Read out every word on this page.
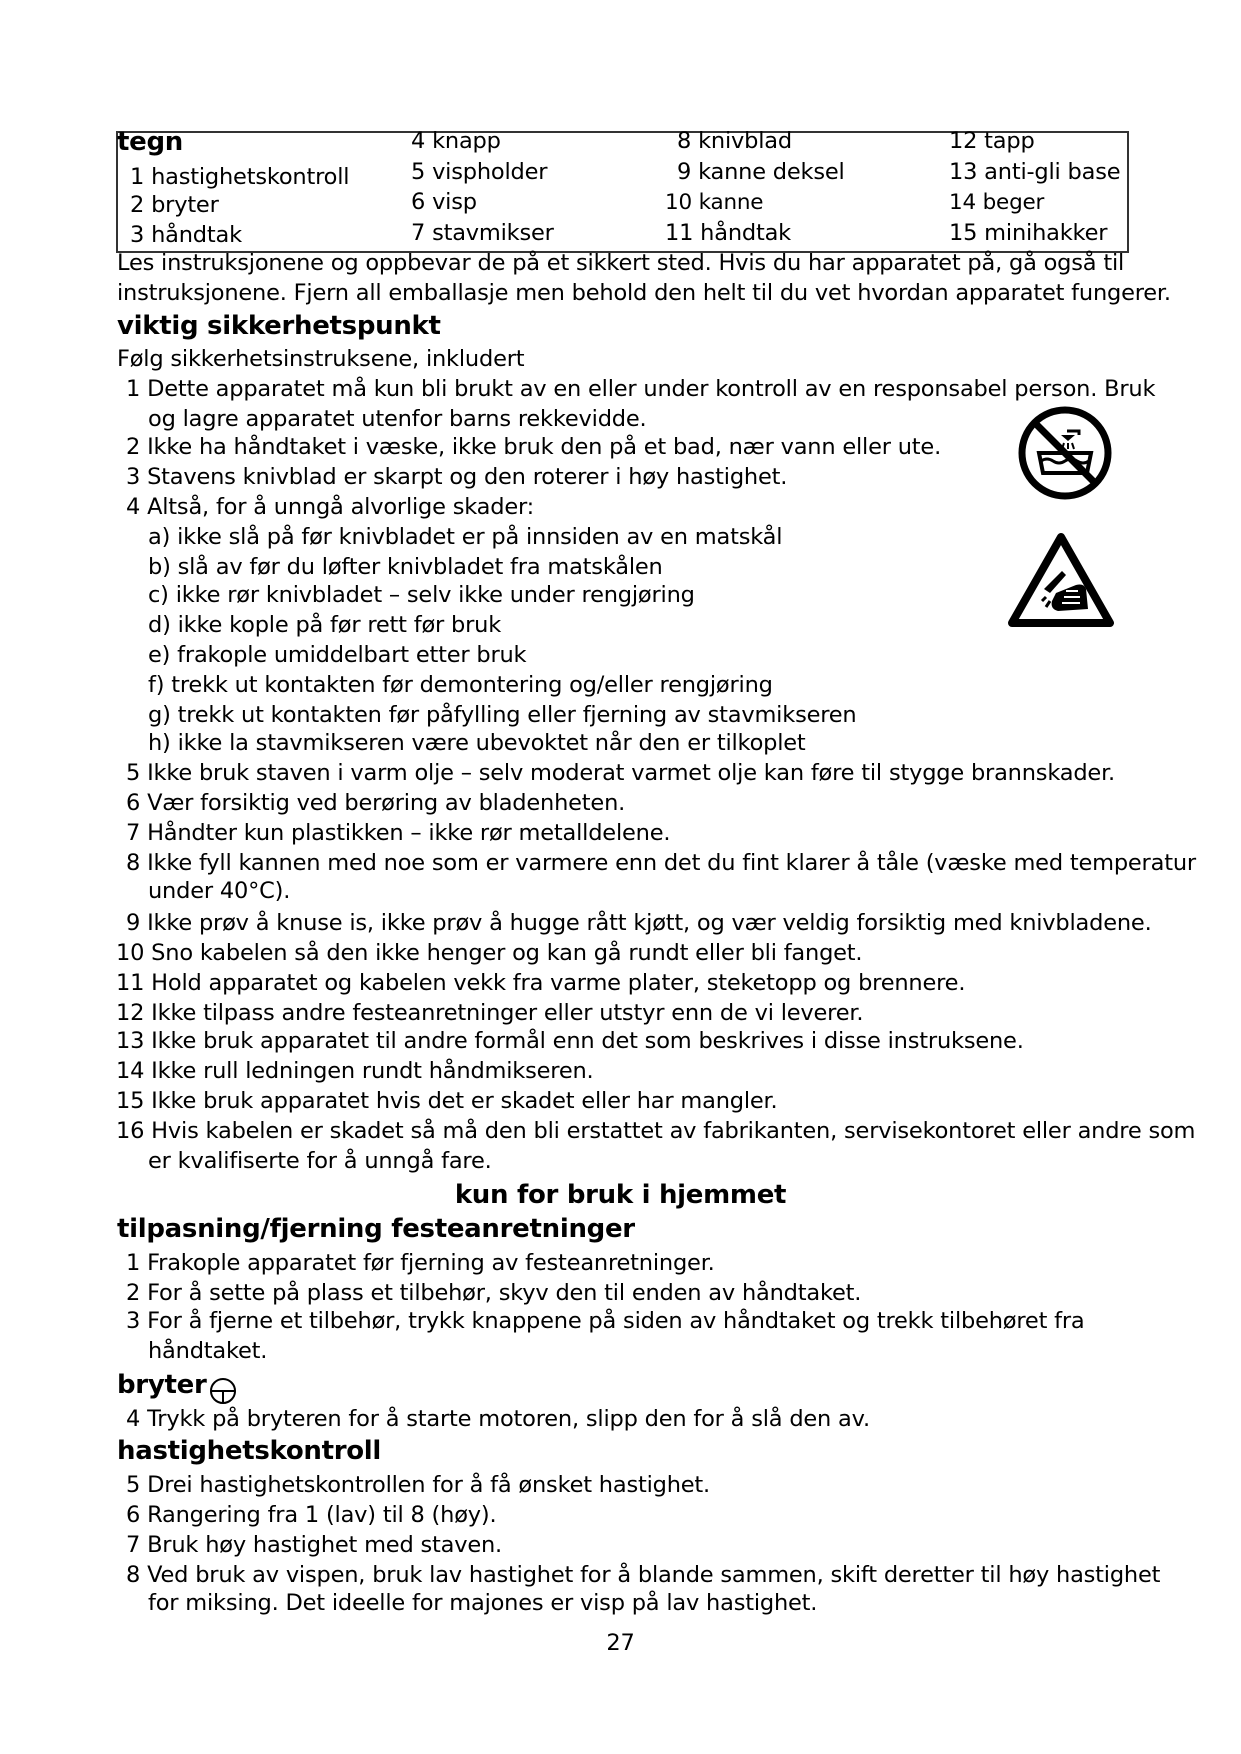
tegn
1 hastighetskontroll
2 bryter
3 håndtak
4 knapp
5 vispholder
6 visp
7 stavmikser
8 knivblad
9 kanne deksel
10 kanne
11 håndtak
12 tapp
13 anti-gli base
14 beger
15 minihakker
Les instruksjonene og oppbevar de på et sikkert sted. Hvis du har apparatet på, gå også til
instruksjonene. Fjern all emballasje men behold den helt til du vet hvordan apparatet fungerer.
viktig sikkerhetspunkt
Følg sikkerhetsinstruksene, inkludert
1 Dette apparatet må kun bli brukt av en eller under kontroll av en responsabel person. Bruk
og lagre apparatet utenfor barns rekkevidde.
2 Ikke ha håndtaket i væske, ikke bruk den på et bad, nær vann eller ute.
3 Stavens knivblad er skarpt og den roterer i høy hastighet.
4 Altså, for å unngå alvorlige skader:
a) ikke slå på før knivbladet er på innsiden av en matskål
b) slå av før du løfter knivbladet fra matskålen
c) ikke rør knivbladet – selv ikke under rengjøring
d) ikke kople på før rett før bruk
e) frakople umiddelbart etter bruk
f) trekk ut kontakten før demontering og/eller rengjøring
g) trekk ut kontakten før påfylling eller fjerning av stavmikseren
h) ikke la stavmikseren være ubevoktet når den er tilkoplet
5 Ikke bruk staven i varm olje – selv moderat varmet olje kan føre til stygge brannskader.
6 Vær forsiktig ved berøring av bladenheten.
7 Håndter kun plastikken – ikke rør metalldelene.
8 Ikke fyll kannen med noe som er varmere enn det du fint klarer å tåle (væske med temperatur
under 40°C).
9 Ikke prøv å knuse is, ikke prøv å hugge rått kjøtt, og vær veldig forsiktig med knivbladene.
10 Sno kabelen så den ikke henger og kan gå rundt eller bli fanget.
11 Hold apparatet og kabelen vekk fra varme plater, steketopp og brennere.
12 Ikke tilpass andre festeanretninger eller utstyr enn de vi leverer.
13 Ikke bruk apparatet til andre formål enn det som beskrives i disse instruksene.
14 Ikke rull ledningen rundt håndmikseren.
15 Ikke bruk apparatet hvis det er skadet eller har mangler.
16 Hvis kabelen er skadet så må den bli erstattet av fabrikanten, servisekontoret eller andre som
er kvalifiserte for å unngå fare.
kun for bruk i hjemmet
tilpasning/fjerning festeanretninger
1 Frakople apparatet før fjerning av festeanretninger.
2 For å sette på plass et tilbehør, skyv den til enden av håndtaket.
3 For å fjerne et tilbehør, trykk knappene på siden av håndtaket og trekk tilbehøret fra
håndtaket.
bryter
4 Trykk på bryteren for å starte motoren, slipp den for å slå den av.
hastighetskontroll
5 Drei hastighetskontrollen for å få ønsket hastighet.
6 Rangering fra 1 (lav) til 8 (høy).
7 Bruk høy hastighet med staven.
8 Ved bruk av vispen, bruk lav hastighet for å blande sammen, skift deretter til høy hastighet
for miksing. Det ideelle for majones er visp på lav hastighet.
27
